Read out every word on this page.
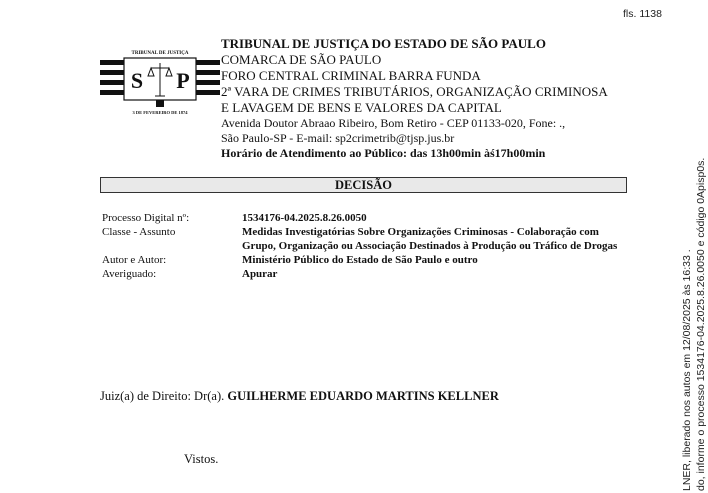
fls. 1138
TRIBUNAL DE JUSTIÇA
S P
3 DE FEVEREIRO DE 1874
TRIBUNAL DE JUSTIÇA DO ESTADO DE SÃO PAULO
COMARCA DE SÃO PAULO
FORO CENTRAL CRIMINAL BARRA FUNDA
2ª VARA DE CRIMES TRIBUTÁRIOS, ORGANIZAÇÃO CRIMINOSA
E LAVAGEM DE BENS E VALORES DA CAPITAL
Avenida Doutor Abraao Ribeiro, Bom Retiro - CEP 01133-020, Fone: .,
São Paulo-SP - E-mail: sp2crimetrib@tjsp.jus.br
Horário de Atendimento ao Público: das 13h00min àś17h00min
DECISÃO
Processo Digital nº:	1534176-04.2025.8.26.0050
Classe - Assunto	Medidas Investigatórias Sobre Organizações Criminosas - Colaboração com Grupo, Organização ou Associação Destinados à Produção ou Tráfico de Drogas
Autor e Autor:	Ministério Público do Estado de São Paulo e outro
Averiguado:	Apurar
Juiz(a) de Direito: Dr(a). GUILHERME EDUARDO MARTINS KELLNER
Vistos.	LNER, liberado nos autos em 12/08/2025 às 16:33 . do, informe o processo 1534176-04.2025.8.26.0050 e código 0Apisp0s.
